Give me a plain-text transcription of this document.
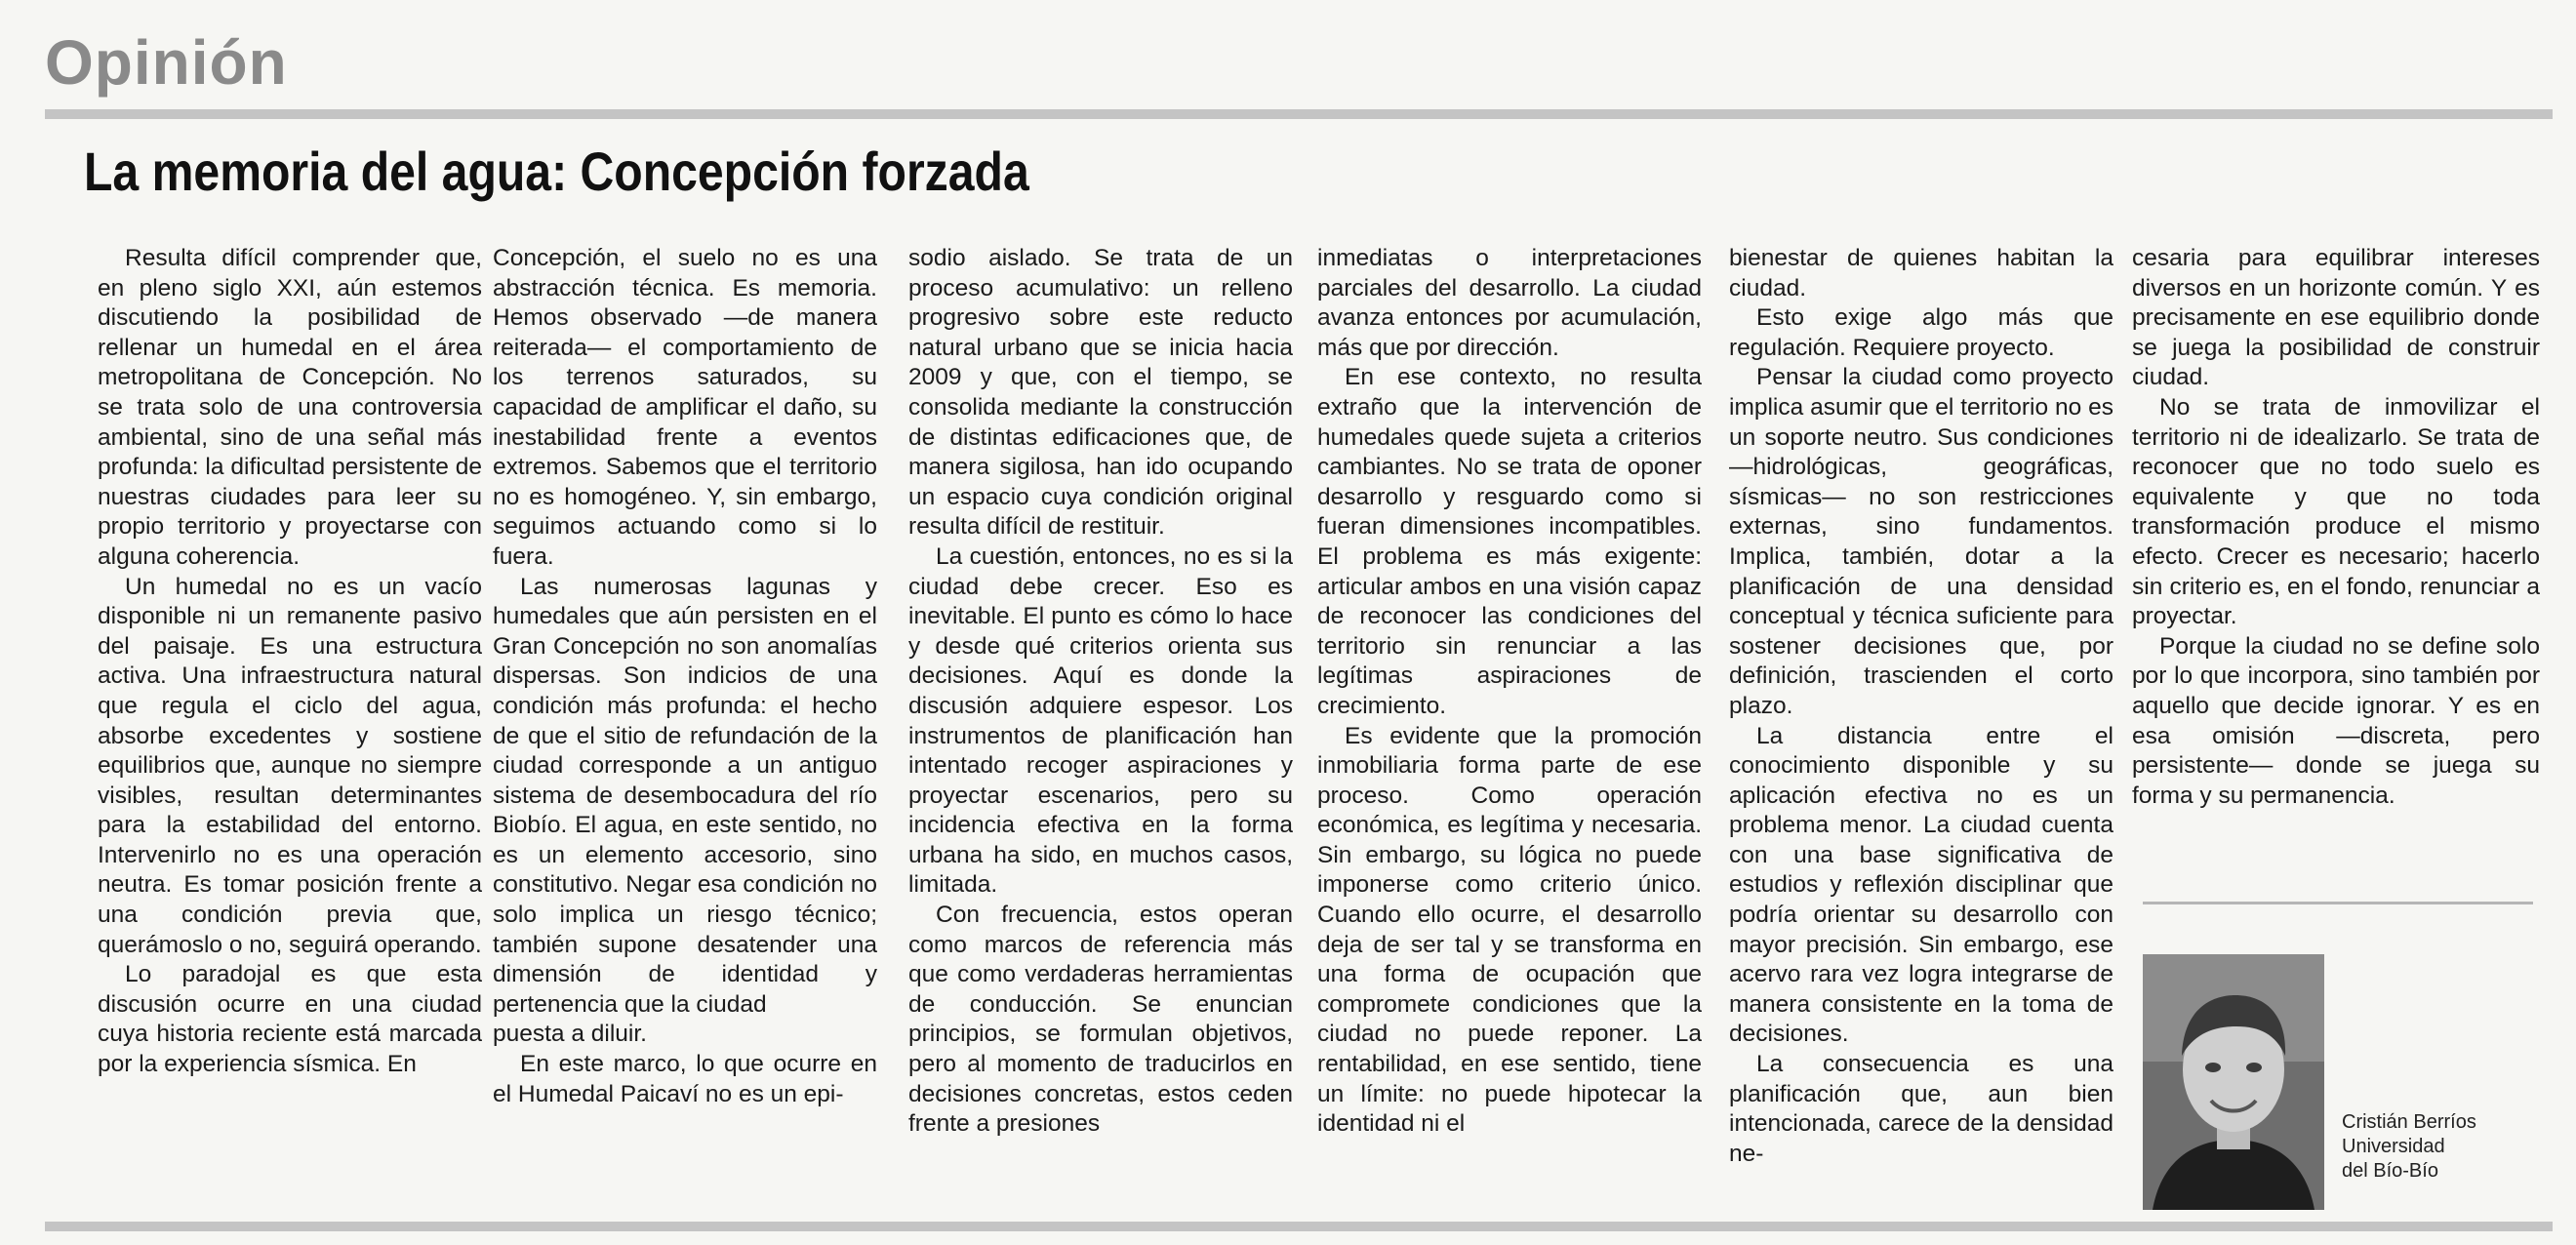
Opinión
La memoria del agua: Concepción forzada

Resulta difícil comprender que, en pleno siglo XXI, aún estemos discutiendo la posibilidad de rellenar un humedal en el área metropolitana de Concepción. No se trata solo de una controversia ambiental, sino de una señal más profunda: la dificultad persistente de nuestras ciudades para leer su propio territorio y proyectarse con alguna coherencia.

Un humedal no es un vacío disponible ni un remanente pasivo del paisaje. Es una estructura activa. Una infraestructura natural que regula el ciclo del agua, absorbe excedentes y sostiene equilibrios que, aunque no siempre visibles, resultan determinantes para la estabilidad del entorno. Intervenirlo no es una operación neutra. Es tomar posición frente a una condición previa que, querámoslo o no, seguirá operando.

Lo paradojal es que esta discusión ocurre en una ciudad cuya historia reciente está marcada por la experiencia sísmica. En

Concepción, el suelo no es una abstracción técnica. Es memoria. Hemos observado —de manera reiterada— el comportamiento de los terrenos saturados, su capacidad de amplificar el daño, su inestabilidad frente a eventos extremos. Sabemos que el territorio no es homogéneo. Y, sin embargo, seguimos actuando como si lo fuera.

Las numerosas lagunas y humedales que aún persisten en el Gran Concepción no son anomalías dispersas. Son indicios de una condición más profunda: el hecho de que el sitio de refundación de la ciudad corresponde a un antiguo sistema de desembocadura del río Biobío. El agua, en este sentido, no es un elemento accesorio, sino constitutivo. Negar esa condición no solo implica un riesgo técnico; también supone desatender una dimensión de identidad y pertenencia que la ciudad

puesta a diluir.

En este marco, lo que ocurre en el Humedal Paicaví no es un epi-

sodio aislado. Se trata de un proceso acumulativo: un relleno progresivo sobre este reducto natural urbano que se inicia hacia 2009 y que, con el tiempo, se consolida mediante la construcción de distintas edificaciones que, de manera sigilosa, han ido ocupando un espacio cuya condición original resulta difícil de restituir.

La cuestión, entonces, no es si la ciudad debe crecer. Eso es inevitable. El punto es cómo lo hace y desde qué criterios orienta sus decisiones. Aquí es donde la discusión adquiere espesor. Los instrumentos de planificación han intentado recoger aspiraciones y proyectar escenarios, pero su incidencia efectiva en la forma urbana ha sido, en muchos casos, limitada.

Con frecuencia, estos operan como marcos de referencia más que como verdaderas herramientas de conducción. Se enuncian principios, se formulan objetivos, pero al momento de traducirlos en decisiones concretas, estos ceden frente a presiones

inmediatas o interpretaciones parciales del desarrollo. La ciudad avanza entonces por acumulación, más que por dirección.

En ese contexto, no resulta extraño que la intervención de humedales quede sujeta a criterios cambiantes. No se trata de oponer desarrollo y resguardo como si fueran dimensiones incompatibles. El problema es más exigente: articular ambos en una visión capaz de reconocer las condiciones del territorio sin renunciar a las legítimas aspiraciones de crecimiento.

Es evidente que la promoción inmobiliaria forma parte de ese proceso. Como operación económica, es legítima y necesaria. Sin embargo, su lógica no puede imponerse como criterio único. Cuando ello ocurre, el desarrollo deja de ser tal y se transforma en una forma de ocupación que compromete condiciones que la ciudad no puede reponer. La rentabilidad, en ese sentido, tiene un límite: no puede hipotecar la identidad ni el

bienestar de quienes habitan la ciudad.

Esto exige algo más que regulación. Requiere proyecto.

Pensar la ciudad como proyecto implica asumir que el territorio no es un soporte neutro. Sus condiciones —hidrológicas, geográficas, sísmicas— no son restricciones externas, sino fundamentos. Implica, también, dotar a la planificación de una densidad conceptual y técnica suficiente para sostener decisiones que, por definición, trascienden el corto plazo.

La distancia entre el conocimiento disponible y su aplicación efectiva no es un problema menor. La ciudad cuenta con una base significativa de estudios y reflexión disciplinar que podría orientar su desarrollo con mayor precisión. Sin embargo, ese acervo rara vez logra integrarse de manera consistente en la toma de decisiones.

La consecuencia es una planificación que, aun bien intencionada, carece de la densidad ne-

cesaria para equilibrar intereses diversos en un horizonte común. Y es precisamente en ese equilibrio donde se juega la posibilidad de construir ciudad.

No se trata de inmovilizar el territorio ni de idealizarlo. Se trata de reconocer que no todo suelo es equivalente y que no toda transformación produce el mismo efecto. Crecer es necesario; hacerlo sin criterio es, en el fondo, renunciar a proyectar.

Porque la ciudad no se define solo por lo que incorpora, sino también por aquello que decide ignorar. Y es en esa omisión —discreta, pero persistente— donde se juega su forma y su permanencia.

Cristián Berríos
Universidad
del Bío-Bío
